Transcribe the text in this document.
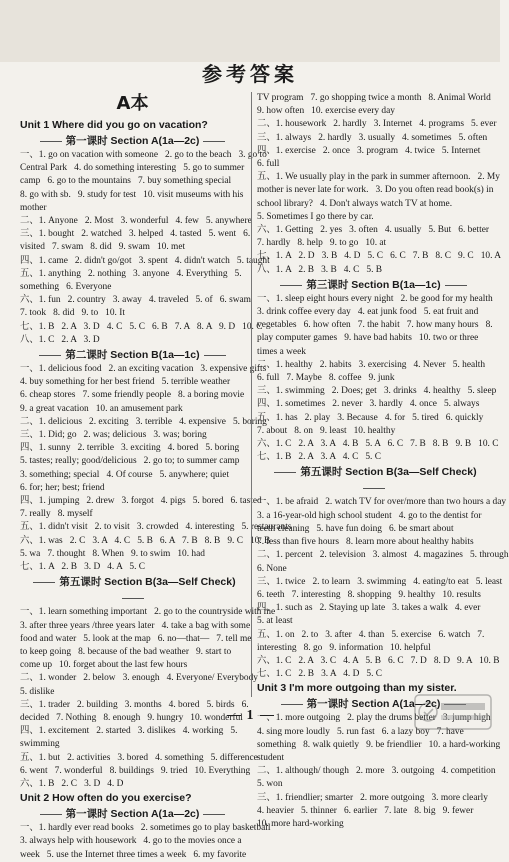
参考答案
A本
Unit 1 Where did you go on vacation?
第一课时 Section A(1a—2c)
一、1. go on vacation with someone   2. go to the beach   3. go to
Central Park   4. do something interesting   5. go to summer
camp   6. go to the mountains   7. buy something special
8. go with sb.   9. study for test   10. visit museums with his
mother
二、1. Anyone   2. Most   3. wonderful   4. few   5. anywhere
三、1. bought   2. watched   3. helped   4. tasted   5. went   6.
visited   7. swam   8. did   9. swam   10. met
四、1. came   2. didn't go/got   3. spent   4. didn't watch   5. taught
五、1. anything   2. nothing   3. anyone   4. Everything   5.
something   6. Everyone
六、1. fun   2. country   3. away   4. traveled   5. of   6. swam
7. took   8. did   9. to   10. It
七、1. B   2. A   3. D   4. C   5. C   6. B   7. A   8. A   9. D   10. C
八、1. C   2. A   3. D
第二课时 Section B(1a—1c)
一、1. delicious food   2. an exciting vacation   3. expensive gifts
4. buy something for her best friend   5. terrible weather
6. cheap stores   7. some friendly people   8. a boring movie
9. a great vacation   10. an amusement park
二、1. delicious   2. exciting   3. terrible   4. expensive   5. boring
三、1. Did; go   2. was; delicious   3. was; boring
四、1. sunny   2. terrible   3. exciting   4. bored   5. boring
5. tastes; really; good/delicious   2. go to; to summer camp
3. something; special   4. Of course   5. anywhere; quiet
6. for; her; best; friend
四、1. jumping   2. drew   3. forgot   4. pigs   5. bored   6. tasted
7. really   8. myself
五、1. didn't visit   2. to visit   3. crowded   4. interesting   5. restaurants
六、1. was   2. C   3. A   4. C   5. B   6. A   7. B   8. B   9. C   10. B
5. wa   7. thought   8. When   9. to swim   10. had
七、1. A   2. B   3. D   4. A   5. C
第五课时 Section B(3a—Self Check)
一、1. learn something important   2. go to the countryside with me
3. after three years /three years later   4. take a bag with some
food and water   5. look at the map   6. no—that—   7. tell me
to keep going   8. because of the bad weather   9. start to
come up   10. forget about the last few hours
二、1. wonder   2. below   3. enough   4. Everyone/ Everybody
5. dislike
三、1. trader   2. building   3. months   4. bored   5. birds   6.
decided   7. Nothing   8. enough   9. hungry   10. wonderful
四、1. excitement   2. started   3. dislikes   4. working   5.
swimming
五、1. but   2. activities   3. bored   4. something   5. difference
6. went   7. wonderful   8. buildings   9. tried   10. Everything
六、1. B   2. C   3. D   4. D
Unit 2 How often do you exercise?
第一课时 Section A(1a—2c)
一、1. hardly ever read books   2. sometimes go to play basketball
3. always help with housework   4. go to the movies once a
week   5. use the Internet three times a week   6. my favorite
TV program   7. go shopping twice a month   8. Animal World
9. how often   10. exercise every day
二、1. housework   2. hardly   3. Internet   4. programs   5. ever
三、1. always   2. hardly   3. usually   4. sometimes   5. often
四、1. exercise   2. once   3. program   4. twice   5. Internet
6. full
五、1. We usually play in the park in summer afternoon.   2. My
mother is never late for work.   3. Do you often read book(s) in
school library?   4. Don't always watch TV at home.
5. Sometimes I go there by car.
六、1. Getting   2. yes   3. often   4. usually   5. But   6. better
7. hardly   8. help   9. to go   10. at
七、1. A   2. D   3. B   4. D   5. C   6. C   7. B   8. C   9. C   10. A
八、1. A   2. B   3. B   4. C   5. B
第三课时 Section B(1a—1c)
一、1. sleep eight hours every night   2. be good for my health
3. drink coffee every day   4. eat junk food   5. eat fruit and
vegetables   6. how often   7. the habit   7. how many hours   8.
play computer games   9. have bad habits   10. two or three
times a week
二、1. healthy   2. habits   3. exercising   4. Never   5. health
6. full   7. Maybe   8. coffee   9. junk
三、1. swimming   2. Does; get   3. drinks   4. healthy   5. sleep
四、1. sometimes   2. never   3. hardly   4. once   5. always
五、1. has   2. play   3. Because   4. for   5. tired   6. quickly
7. about   8. on   9. least   10. healthy
六、1. C   2. A   3. A   4. B   5. A   6. C   7. B   8. B   9. B   10. C
七、1. B   2. A   3. A   4. C   5. C
第五课时 Section B(3a—Self Check)
一、1. be afraid   2. watch TV for over/more than two hours a day
3. a 16-year-old high school student   4. go to the dentist for
teeth cleaning   5. have fun doing   6. be smart about
7. less than five hours   8. learn more about healthy habits
二、1. percent   2. television   3. almost   4. magazines   5. through
6. None
三、1. twice   2. to learn   3. swimming   4. eating/to eat   5. least
6. teeth   7. interesting   8. shopping   9. healthy   10. results
四、1. such as   2. Staying up late   3. takes a walk   4. ever
5. at least
五、1. on   2. to   3. after   4. than   5. exercise   6. watch   7.
interesting   8. go   9. information   10. helpful
六、1. C   2. A   3. C   4. A   5. B   6. C   7. D   8. D   9. A   10. B
七、1. C   2. B   3. A   4. D   5. C
Unit 3 I'm more outgoing than my sister.
第一课时 Section A(1a—2c)
一、1. more outgoing   2. play the drums better   3. jump high
4. sing more loudly   5. run fast   6. a lazy boy   7. have
something   8. walk quietly   9. be friendlier   10. a hard-working
student
二、1. although/ though   2. more   3. outgoing   4. competition
5. won
三、1. friendlier; smarter   2. more outgoing   3. more clearly
4. heavier   5. thinner   6. earlier   7. late   8. big   9. fewer
10. more hard-working
1
